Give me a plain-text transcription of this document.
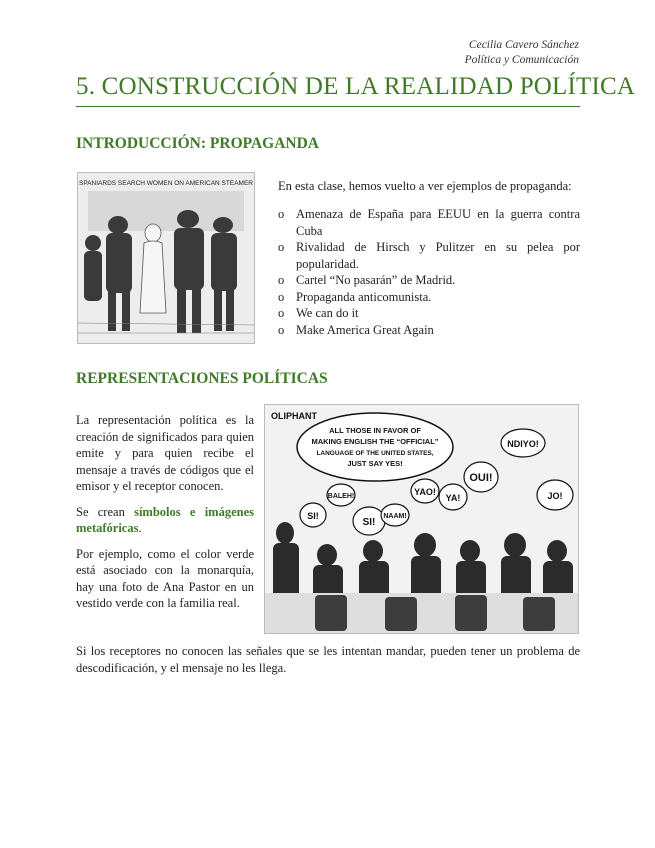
Cecilia Cavero Sánchez
Política y Comunicación
5. CONSTRUCCIÓN DE LA REALIDAD POLÍTICA
INTRODUCCIÓN: PROPAGANDA
SPANIARDS SEARCH WOMEN ON AMERICAN STEAMER En esta clase, hemos vuelto a ver ejemplos de propaganda:
o Amenaza de España para EEUU en la guerra contra Cuba
o Rivalidad de Hirsch y Pulitzer en su pelea por popularidad.
o Cartel “No pasarán” de Madrid.
o Propaganda anticomunista.
o We can do it
o Make America Great Again
REPRESENTACIONES POLÍTICAS

La representación política es la creación de significados para quien emite y para quien recibe el mensaje a través de códigos que el emisor y el receptor conocen.

Se crean símbolos e imágenes metafóricas.

Por ejemplo, como el color verde está asociado con la monarquía, hay una foto de Ana Pastor en un vestido verde con la familia real.

OLIPHANT
ALL THOSE IN FAVOR OF
MAKING ENGLISH THE “OFFICIAL”
LANGUAGE OF THE UNITED STATES,
JUST SAY YES!
NDIYO!
OUI!
JO!
YA!
YAO!
SI!
SI!
BALEH!
NAAM!
Si los receptores no conocen las señales que se les intentan mandar, pueden tener un problema de descodificación, y el mensaje no les llega.
